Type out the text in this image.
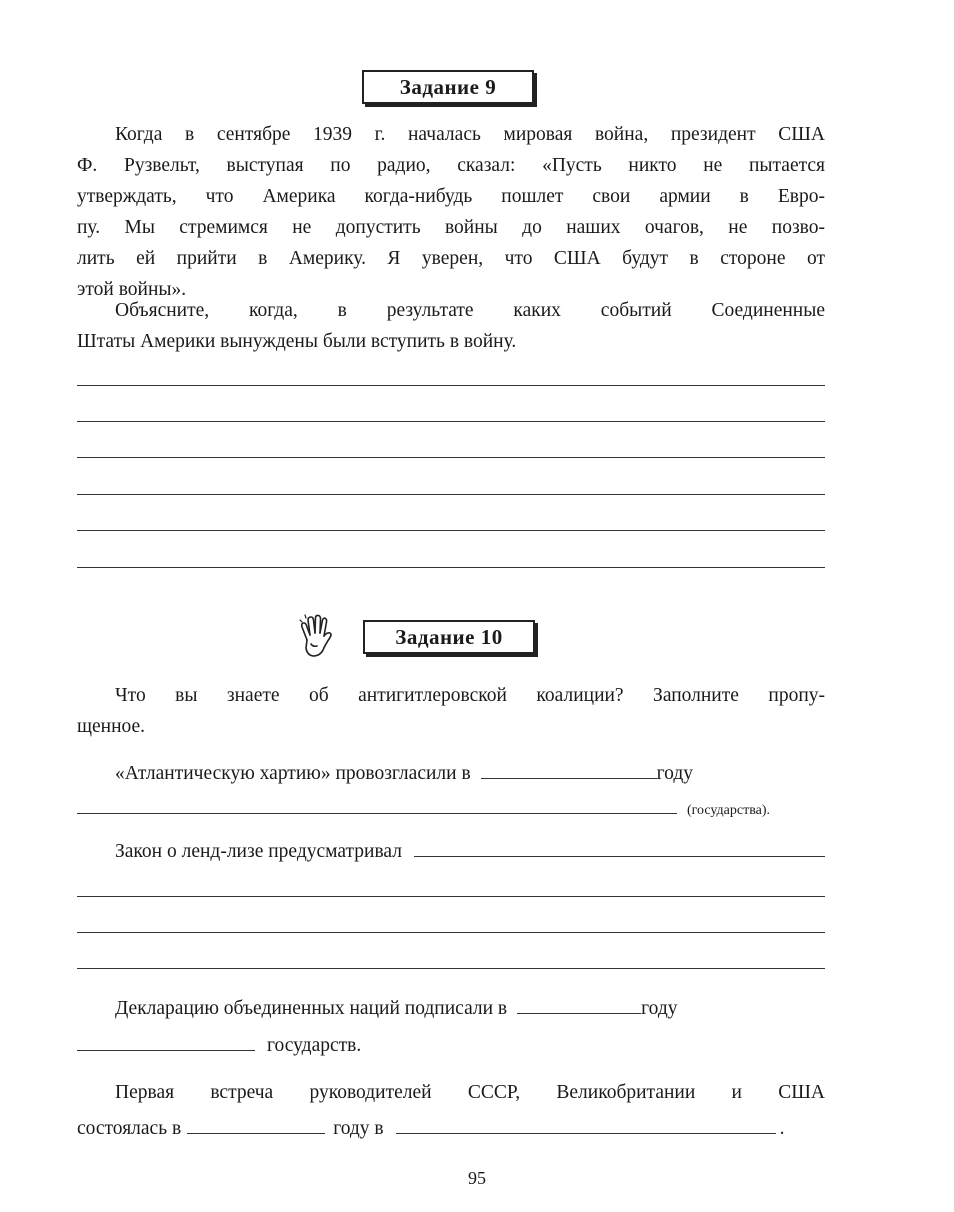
Задание 9
Когда в сентябре 1939 г. началась мировая война, президент США
Ф. Рузвельт, выступая по радио, сказал: «Пусть никто не пытается
утверждать, что Америка когда-нибудь пошлет свои армии в Евро-
пу. Мы стремимся не допустить войны до наших очагов, не позво-
лить ей прийти в Америку. Я уверен, что США будут в стороне от
этой войны».
Объясните, когда, в результате каких событий Соединенные
Штаты Америки вынуждены были вступить в войну.
Задание 10
Что вы знаете об антигитлеровской коалиции? Заполните пропу-
щенное.
«Атлантическую хартию» провозгласили в	году
(государства).
Закон о ленд-лизе предусматривал
Декларацию объединенных наций подписали в	году
государств.
Первая встреча руководителей СССР, Великобритании и США
состоялась в	году в	.
95
